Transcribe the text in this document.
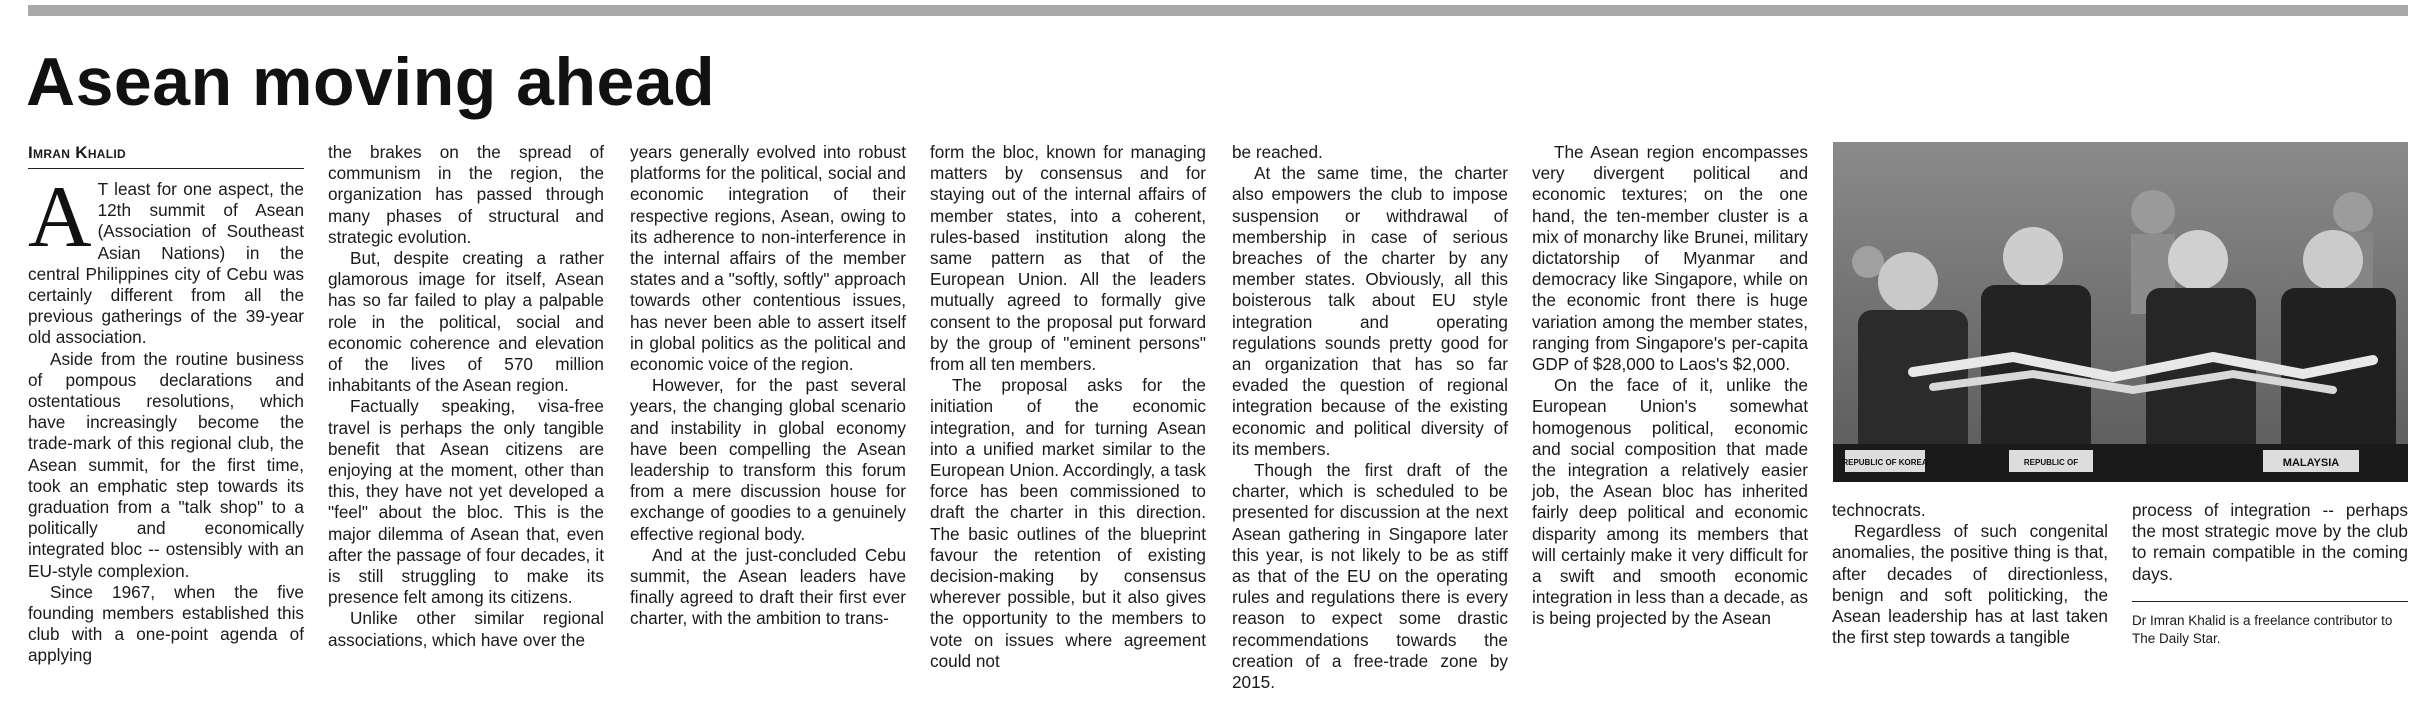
Asean moving ahead
Imran Khalid
A T least for one aspect, the 12th summit of Asean (Association of Southeast Asian Nations) in the central Philippines city of Cebu was certainly different from all the previous gatherings of the 39-year old association.

Aside from the routine business of pompous declarations and ostentatious resolutions, which have increasingly become the trade-mark of this regional club, the Asean summit, for the first time, took an emphatic step towards its graduation from a "talk shop" to a politically and economically integrated bloc -- ostensibly with an EU-style complexion.

Since 1967, when the five founding members established this club with a one-point agenda of applying

the brakes on the spread of communism in the region, the organization has passed through many phases of structural and strategic evolution.

But, despite creating a rather glamorous image for itself, Asean has so far failed to play a palpable role in the political, social and economic coherence and elevation of the lives of 570 million inhabitants of the Asean region.

Factually speaking, visa-free travel is perhaps the only tangible benefit that Asean citizens are enjoying at the moment, other than this, they have not yet developed a "feel" about the bloc. This is the major dilemma of Asean that, even after the passage of four decades, it is still struggling to make its presence felt among its citizens.

Unlike other similar regional associations, which have over the

years generally evolved into robust platforms for the political, social and economic integration of their respective regions, Asean, owing to its adherence to non-interference in the internal affairs of the member states and a "softly, softly" approach towards other contentious issues, has never been able to assert itself in global politics as the political and economic voice of the region.

However, for the past several years, the changing global scenario and instability in global economy have been compelling the Asean leadership to transform this forum from a mere discussion house for exchange of goodies to a genuinely effective regional body.

And at the just-concluded Cebu summit, the Asean leaders have finally agreed to draft their first ever charter, with the ambition to trans-

form the bloc, known for managing matters by consensus and for staying out of the internal affairs of member states, into a coherent, rules-based institution along the same pattern as that of the European Union. All the leaders mutually agreed to formally give consent to the proposal put forward by the group of "eminent persons" from all ten members.

The proposal asks for the initiation of the economic integration, and for turning Asean into a unified market similar to the European Union. Accordingly, a task force has been commissioned to draft the charter in this direction. The basic outlines of the blueprint favour the retention of existing decision-making by consensus wherever possible, but it also gives the opportunity to the members to vote on issues where agreement could not

be reached.

At the same time, the charter also empowers the club to impose suspension or withdrawal of membership in case of serious breaches of the charter by any member states. Obviously, all this boisterous talk about EU style integration and operating regulations sounds pretty good for an organization that has so far evaded the question of regional integration because of the existing economic and political diversity of its members.

Though the first draft of the charter, which is scheduled to be presented for discussion at the next Asean gathering in Singapore later this year, is not likely to be as stiff as that of the EU on the operating rules and regulations there is every reason to expect some drastic recommendations towards the creation of a free-trade zone by 2015.

The Asean region encompasses very divergent political and economic textures; on the one hand, the ten-member cluster is a mix of monarchy like Brunei, military dictatorship of Myanmar and democracy like Singapore, while on the economic front there is huge variation among the member states, ranging from Singapore's per-capita GDP of $28,000 to Laos's $2,000.

On the face of it, unlike the European Union's somewhat homogenous political, economic and social composition that made the integration a relatively easier job, the Asean bloc has inherited fairly deep political and economic disparity among its members that will certainly make it very difficult for a swift and smooth economic integration in less than a decade, as is being projected by the Asean

REPUBLIC OF KOREA	REPUBLIC OF	MALAYSIA

technocrats.

Regardless of such congenital anomalies, the positive thing is that, after decades of directionless, benign and soft politicking, the Asean leadership has at last taken the first step towards a tangible

process of integration -- perhaps the most strategic move by the club to remain compatible in the coming days.

Dr Imran Khalid is a freelance contributor to The Daily Star.
